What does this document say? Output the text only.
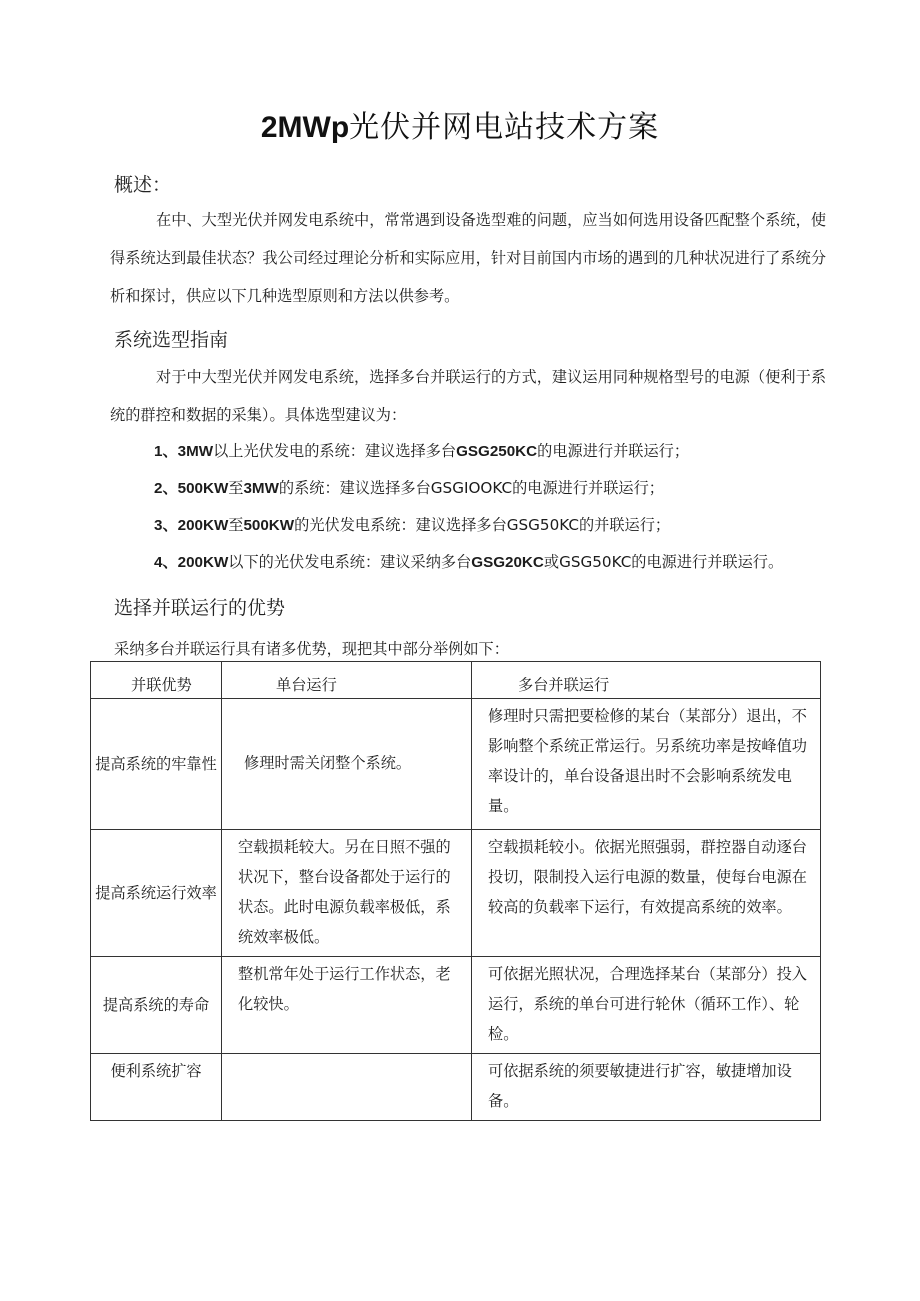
2MWp光伏并网电站技术方案
概述：
在中、大型光伏并网发电系统中，常常遇到设备选型难的问题，应当如何选用设备匹配整个系统，使得系统达到最佳状态？我公司经过理论分析和实际应用，针对目前国内市场的遇到的几种状况进行了系统分析和探讨，供应以下几种选型原则和方法以供参考。
系统选型指南
对于中大型光伏并网发电系统，选择多台并联运行的方式，建议运用同种规格型号的电源（便利于系统的群控和数据的采集）。具体选型建议为：
1、3MW以上光伏发电的系统：建议选择多台GSG250KC的电源进行并联运行；
2、500KW至3MW的系统：建议选择多台GSGIOOKC的电源进行并联运行；
3、200KW至500KW的光伏发电系统：建议选择多台GSG50KC的并联运行；
4、200KW以下的光伏发电系统：建议采纳多台GSG20KC或GSG50KC的电源进行并联运行。
选择并联运行的优势
采纳多台并联运行具有诸多优势，现把其中部分举例如下：
并联优势	单台运行	多台并联运行

提高系统的牢靠性	修理时需关闭整个系统。	修理时只需把要检修的某台（某部分）退出，不影响整个系统正常运行。另系统功率是按峰值功率设计的，单台设备退出时不会影响系统发电量。
提高系统运行效率	空载损耗较大。另在日照不强的状况下，整台设备都处于运行的状态。此时电源负载率极低，系统效率极低。	空载损耗较小。依据光照强弱，群控器自动逐台投切，限制投入运行电源的数量，使每台电源在较高的负载率下运行，有效提高系统的效率。
提高系统的寿命	整机常年处于运行工作状态，老化较快。	可依据光照状况，合理选择某台（某部分）投入运行，系统的单台可进行轮休（循环工作）、轮检。
便利系统扩容		可依据系统的须要敏捷进行扩容，敏捷增加设备。
